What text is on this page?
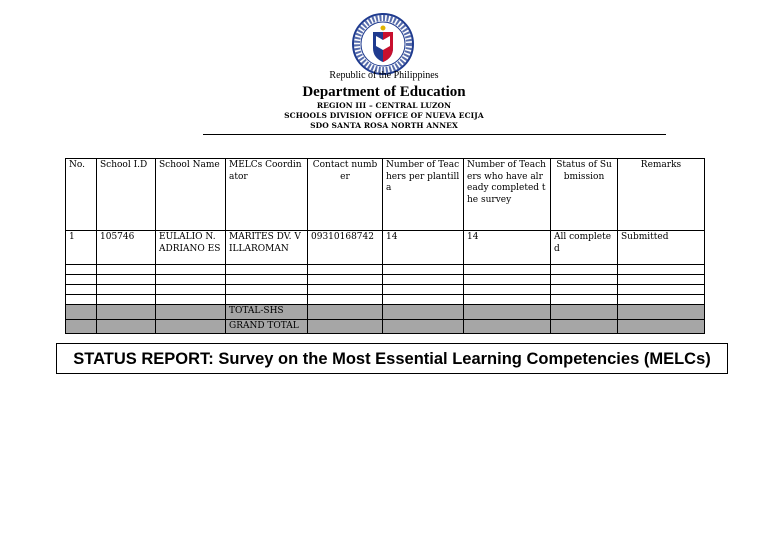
Republic of the Philippines
Department of Education
REGION III – CENTRAL LUZON
SCHOOLS DIVISION OFFICE OF NUEVA ECIJA
SDO SANTA ROSA NORTH ANNEX
No.	School I.D	School Name	MELCs Coordinator	Contact number	Number of Teachers per plantilla	Number of Teachers who have already completed the survey	Status of Submission	Remarks
1	105746	EULALIO N. ADRIANO ES	MARITES DV. VILLAROMAN	09310168742	14	14	All completed	Submitted

			TOTAL-SHS					
			GRAND TOTAL					
STATUS REPORT: Survey on the Most Essential Learning Competencies (MELCs)
